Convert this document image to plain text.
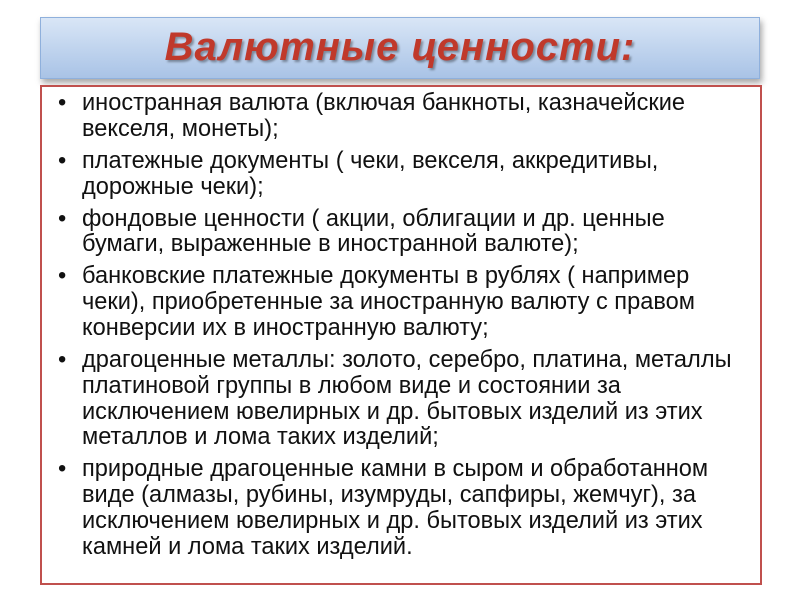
Валютные ценности:
• иностранная валюта (включая банкноты, казначейские векселя, монеты);
• платежные документы ( чеки, векселя, аккредитивы, дорожные чеки);
• фондовые ценности ( акции, облигации и др. ценные бумаги, выраженные в иностранной валюте);
• банковские платежные документы в рублях ( например чеки), приобретенные за иностранную валюту с правом конверсии их в иностранную валюту;
• драгоценные металлы: золото, серебро, платина, металлы платиновой группы в любом виде и состоянии за исключением ювелирных и др. бытовых изделий из этих металлов и лома таких изделий;
• природные драгоценные камни в сыром и обработанном виде (алмазы, рубины, изумруды, сапфиры, жемчуг), за исключением ювелирных и др. бытовых изделий из этих камней и лома таких изделий.
